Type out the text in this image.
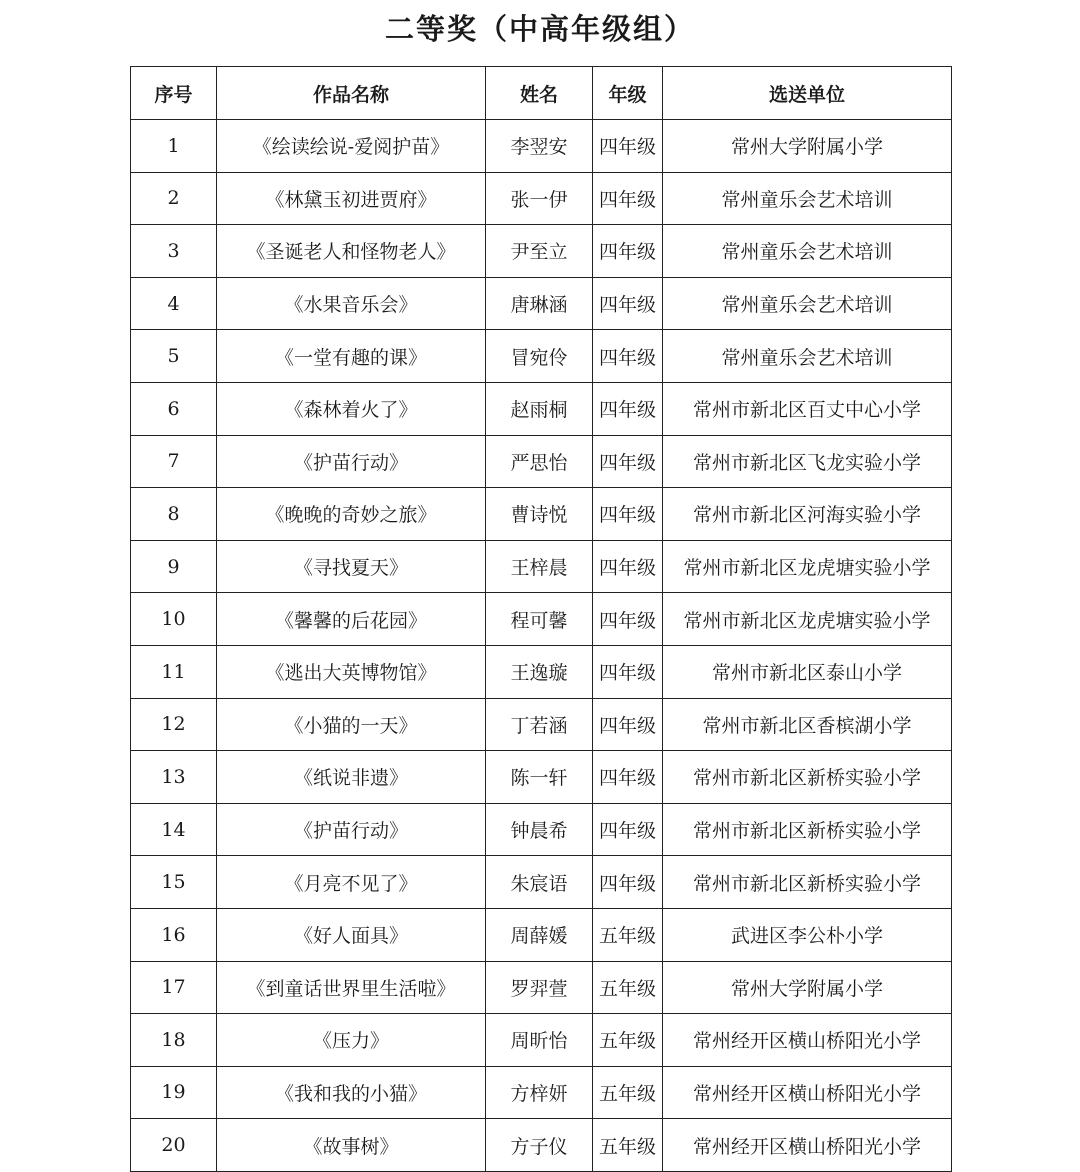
二等奖（中高年级组）
序号	作品名称	姓名	年级	选送单位
1	《绘读绘说-爱阅护苗》	李翌安	四年级	常州大学附属小学
2	《林黛玉初进贾府》	张一伊	四年级	常州童乐会艺术培训
3	《圣诞老人和怪物老人》	尹至立	四年级	常州童乐会艺术培训
4	《水果音乐会》	唐琳涵	四年级	常州童乐会艺术培训
5	《一堂有趣的课》	冒宛伶	四年级	常州童乐会艺术培训
6	《森林着火了》	赵雨桐	四年级	常州市新北区百丈中心小学
7	《护苗行动》	严思怡	四年级	常州市新北区飞龙实验小学
8	《晚晚的奇妙之旅》	曹诗悦	四年级	常州市新北区河海实验小学
9	《寻找夏天》	王梓晨	四年级	常州市新北区龙虎塘实验小学
10	《馨馨的后花园》	程可馨	四年级	常州市新北区龙虎塘实验小学
11	《逃出大英博物馆》	王逸璇	四年级	常州市新北区泰山小学
12	《小猫的一天》	丁若涵	四年级	常州市新北区香槟湖小学
13	《纸说非遗》	陈一轩	四年级	常州市新北区新桥实验小学
14	《护苗行动》	钟晨希	四年级	常州市新北区新桥实验小学
15	《月亮不见了》	朱宸语	四年级	常州市新北区新桥实验小学
16	《好人面具》	周薛媛	五年级	武进区李公朴小学
17	《到童话世界里生活啦》	罗羿萱	五年级	常州大学附属小学
18	《压力》	周昕怡	五年级	常州经开区横山桥阳光小学
19	《我和我的小猫》	方梓妍	五年级	常州经开区横山桥阳光小学
20	《故事树》	方子仪	五年级	常州经开区横山桥阳光小学
